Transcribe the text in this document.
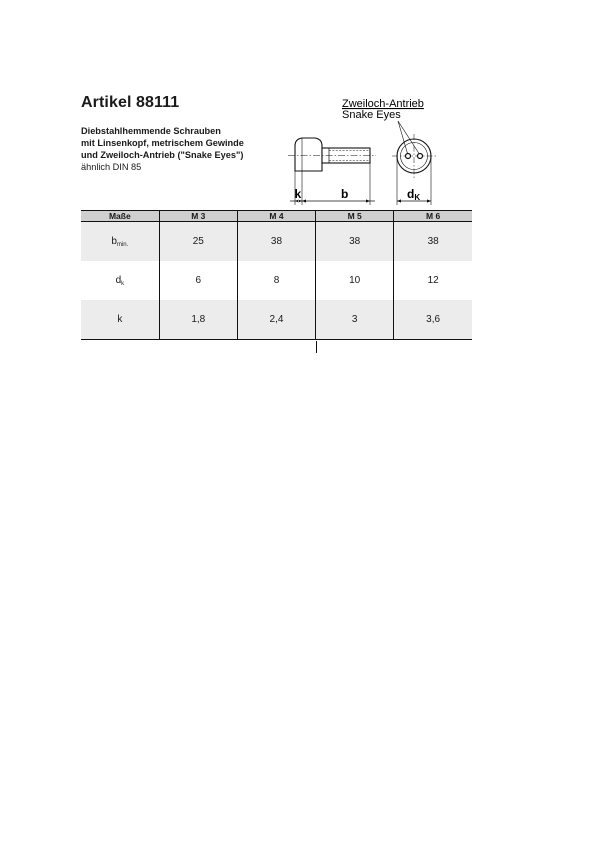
Artikel 88111
Diebstahlhemmende Schrauben
mit Linsenkopf, metrischem Gewinde
und Zweiloch-Antrieb ("Snake Eyes")
ähnlich DIN 85
Zweiloch-Antrieb
Snake Eyes
k	b	dK
Maße	M 3	M 4	M 5	M 6
$b_{min.}$	25	38	38	38
$d_k$	6	8	10	12
k	1,8	2,4	3	3,6
